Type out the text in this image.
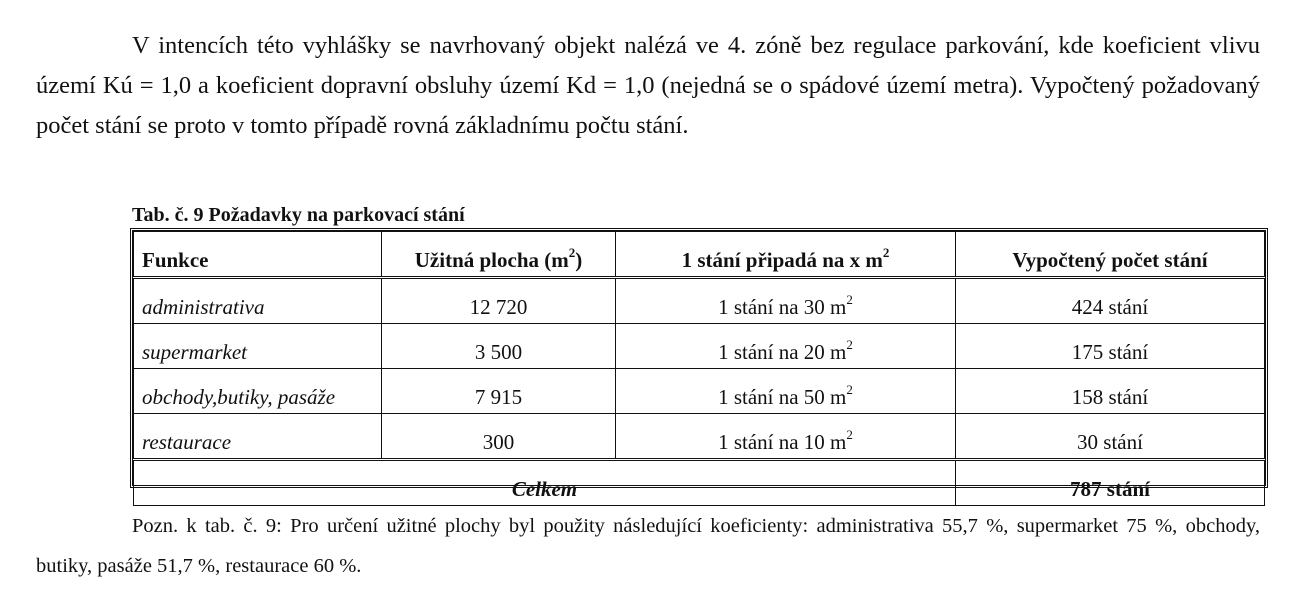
V intencích této vyhlášky se navrhovaný objekt nalézá ve 4. zóně bez regulace parkování, kde koeficient vlivu území Kú = 1,0 a koeficient dopravní obsluhy území Kd = 1,0 (nejedná se o spádové území metra). Vypočtený požadovaný počet stání se proto v tomto případě rovná základnímu počtu stání.

Tab. č. 9 Požadavky na parkovací stání
Funkce	Užitná plocha $(m^2)$	1 stání připadá na x $m^2$	Vypočtený počet stání
administrativa	12 720	1 stání na 30 $m^2$	424 stání
supermarket	3 500	1 stání na 20 $m^2$	175 stání
obchody,butiky, pasáže	7 915	1 stání na 50 $m^2$	158 stání
restaurace	300	1 stání na 10 $m^2$	30 stání
Celkem			787 stání

Pozn. k tab. č. 9: Pro určení užitné plochy byl použity následující koeficienty: administrativa 55,7 %, supermarket 75 %, obchody, butiky, pasáže 51,7 %, restaurace 60 %.
